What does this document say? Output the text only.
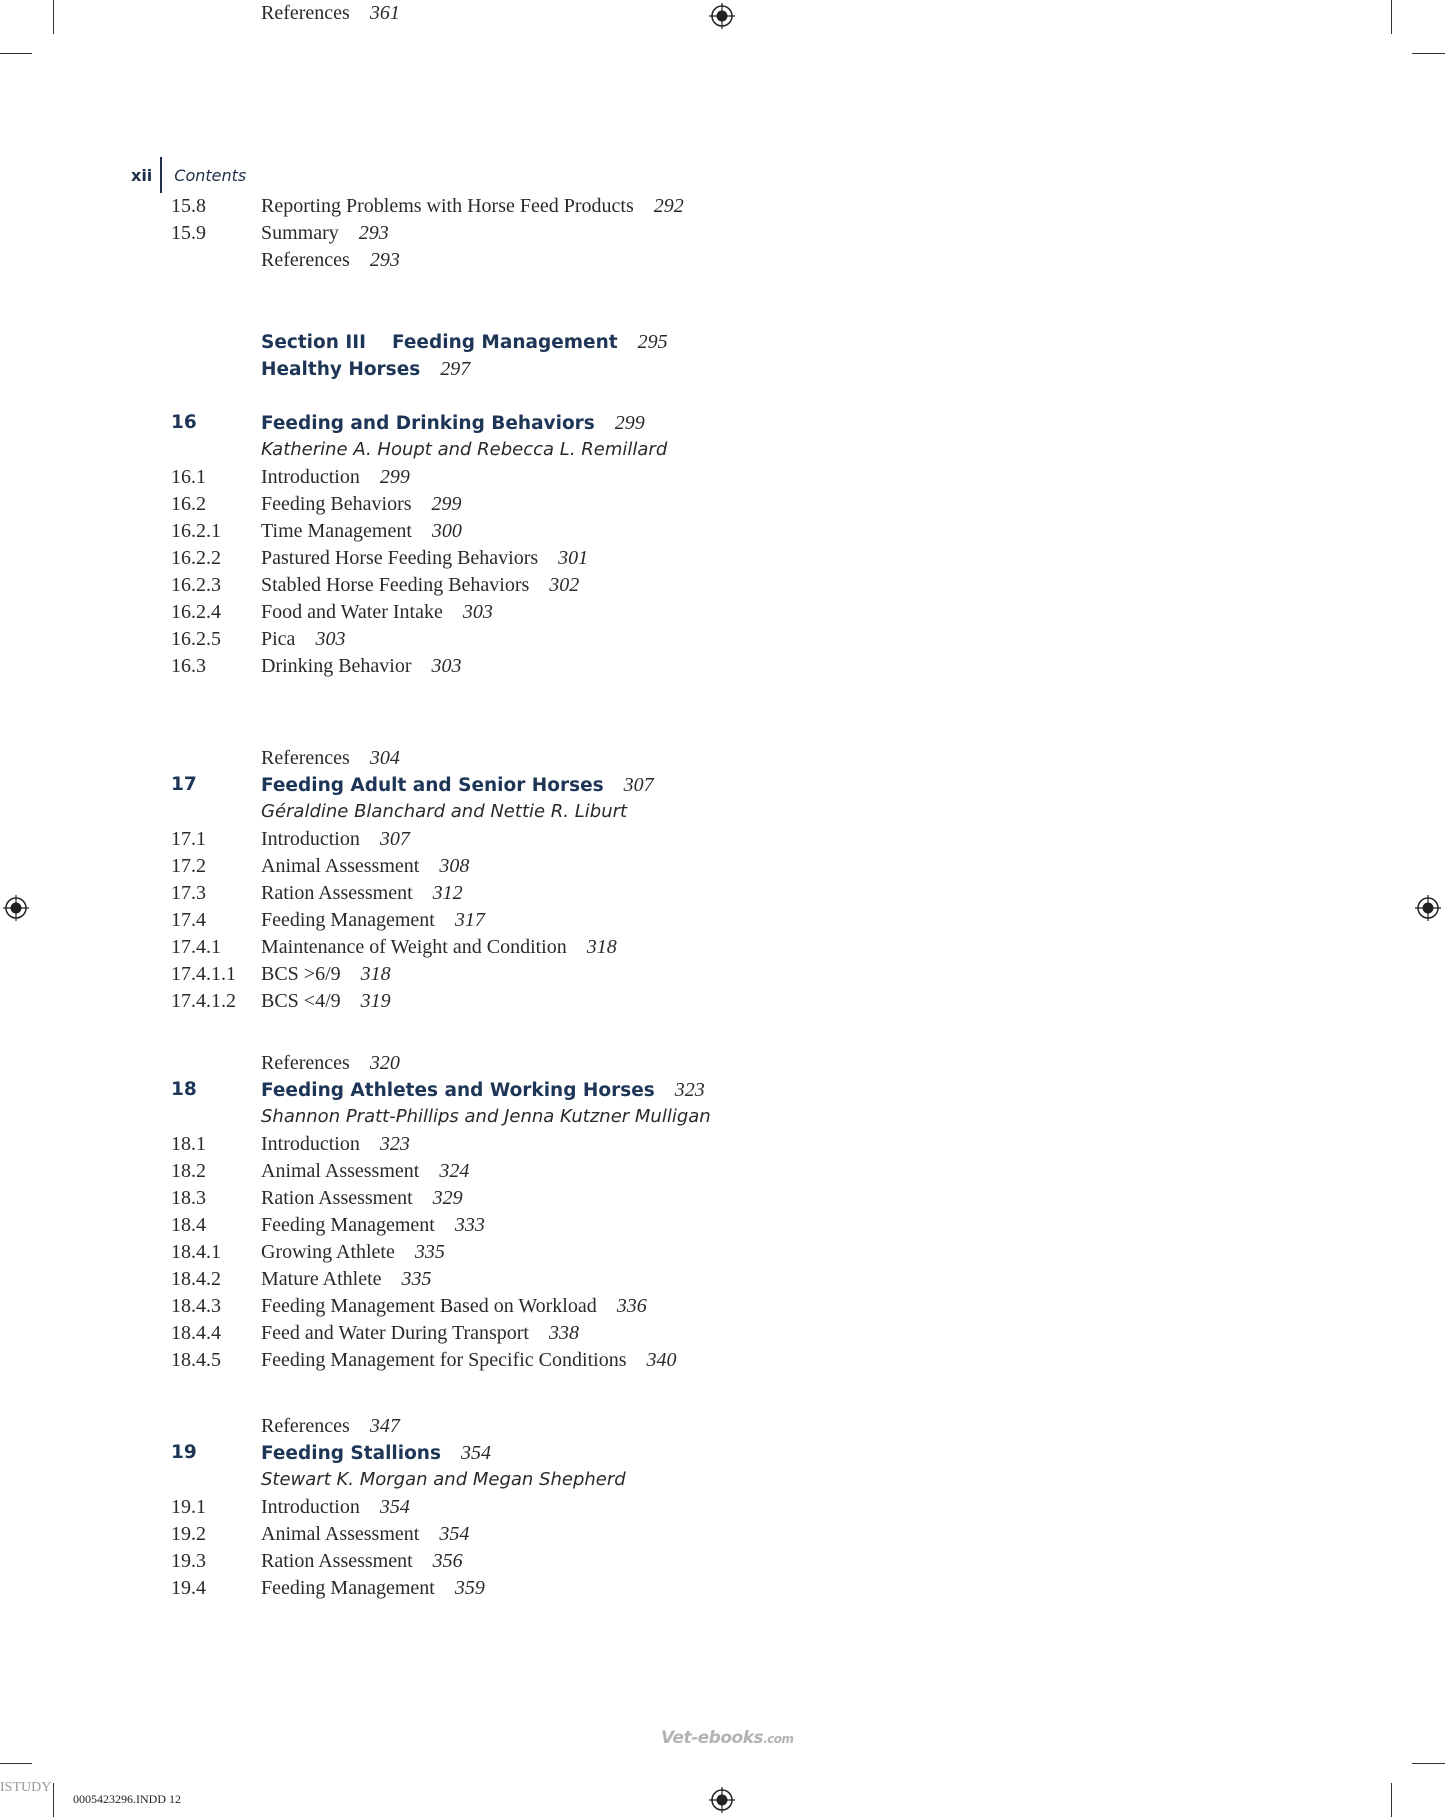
xii Contents
15.8	Reporting Problems with Horse Feed Products 292
15.9	Summary 293
References 293
Section III Feeding Management 295
Healthy Horses 297
16	Feeding and Drinking Behaviors 299
Katherine A. Houpt and Rebecca L. Remillard
16.1	Introduction 299
16.2	Feeding Behaviors 299
16.2.1 Time Management 300
16.2.2 Pastured Horse Feeding Behaviors 301
16.2.3 Stabled Horse Feeding Behaviors 302
16.2.4 Food and Water Intake 303
16.2.5 Pica 303
16.3	Drinking Behavior 303
References 304
17	Feeding Adult and Senior Horses 307
Géraldine Blanchard and Nettie R. Liburt
17.1	Introduction 307
17.2	Animal Assessment 308
17.3	Ration Assessment 312
17.4	Feeding Management 317
17.4.1 Maintenance of Weight and Condition 318
17.4.1.1 BCS >6/9 318
17.4.1.2 BCS <4/9 319
References 320
18	Feeding Athletes and Working Horses 323
Shannon Pratt-Phillips and Jenna Kutzner Mulligan
18.1	Introduction 323
18.2	Animal Assessment 324
18.3	Ration Assessment 329
18.4	Feeding Management 333
18.4.1 Growing Athlete 335
18.4.2 Mature Athlete 335
18.4.3 Feeding Management Based on Workload 336
18.4.4 Feed and Water During Transport 338
18.4.5 Feeding Management for Specific Conditions 340
References 347
19	Feeding Stallions 354
Stewart K. Morgan and Megan Shepherd
19.1	Introduction 354
19.2	Animal Assessment 354
19.3	Ration Assessment 356
19.4	Feeding Management 359
References 361
Vet-ebooks.com
0005423296.INDD 12
ISTUDY
